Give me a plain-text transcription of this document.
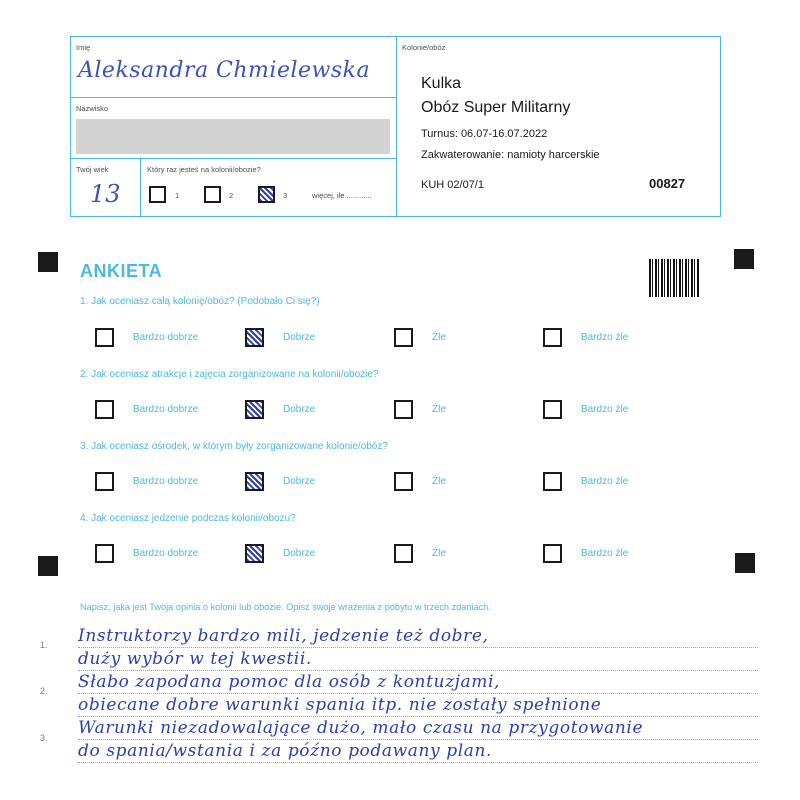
Imię
Aleksandra Chmielewska
Nazwisko
Twój wiek
13
Który raz jesteś na kolonii/obozie?
1	2	3	więcej, ile ............
Kolonie/obóz
Kulka
Obóz Super Militarny
Turnus: 06.07-16.07.2022
Zakwaterowanie: namioty harcerskie
KUH 02/07/1	00827
ANKIETA
Napisz, jaka jest Twoja opinia o kolonii lub obozie. Opisz swoje wrażenia z pobytu w trzech zdaniach.
1. Jak oceniasz całą kolonię/obóz? (Podobało Ci się?)
Bardzo dobrze	Dobrze	Źle	Bardzo źle
2. Jak oceniasz atrakcje i zajęcia zorganizowane na kolonii/obozie?
Bardzo dobrze	Dobrze	Źle	Bardzo źle
3. Jak oceniasz ośrodek, w którym były zorganizowane kolonie/obóz?
Bardzo dobrze	Dobrze	Źle	Bardzo źle
4. Jak oceniasz jedzenie podczas kolonii/obozu?
Bardzo dobrze	Dobrze	Źle	Bardzo źle
1.
2.
3.
Instruktorzy bardzo mili, jedzenie też dobre,
duży wybór w tej kwestii.
Słabo zapodana pomoc dla osób z kontuzjami,
obiecane dobre warunki spania itp. nie zostały spełnione
Warunki niezadowalające dużo, mało czasu na przygotowanie
do spania/wstania i za późno podawany plan.
